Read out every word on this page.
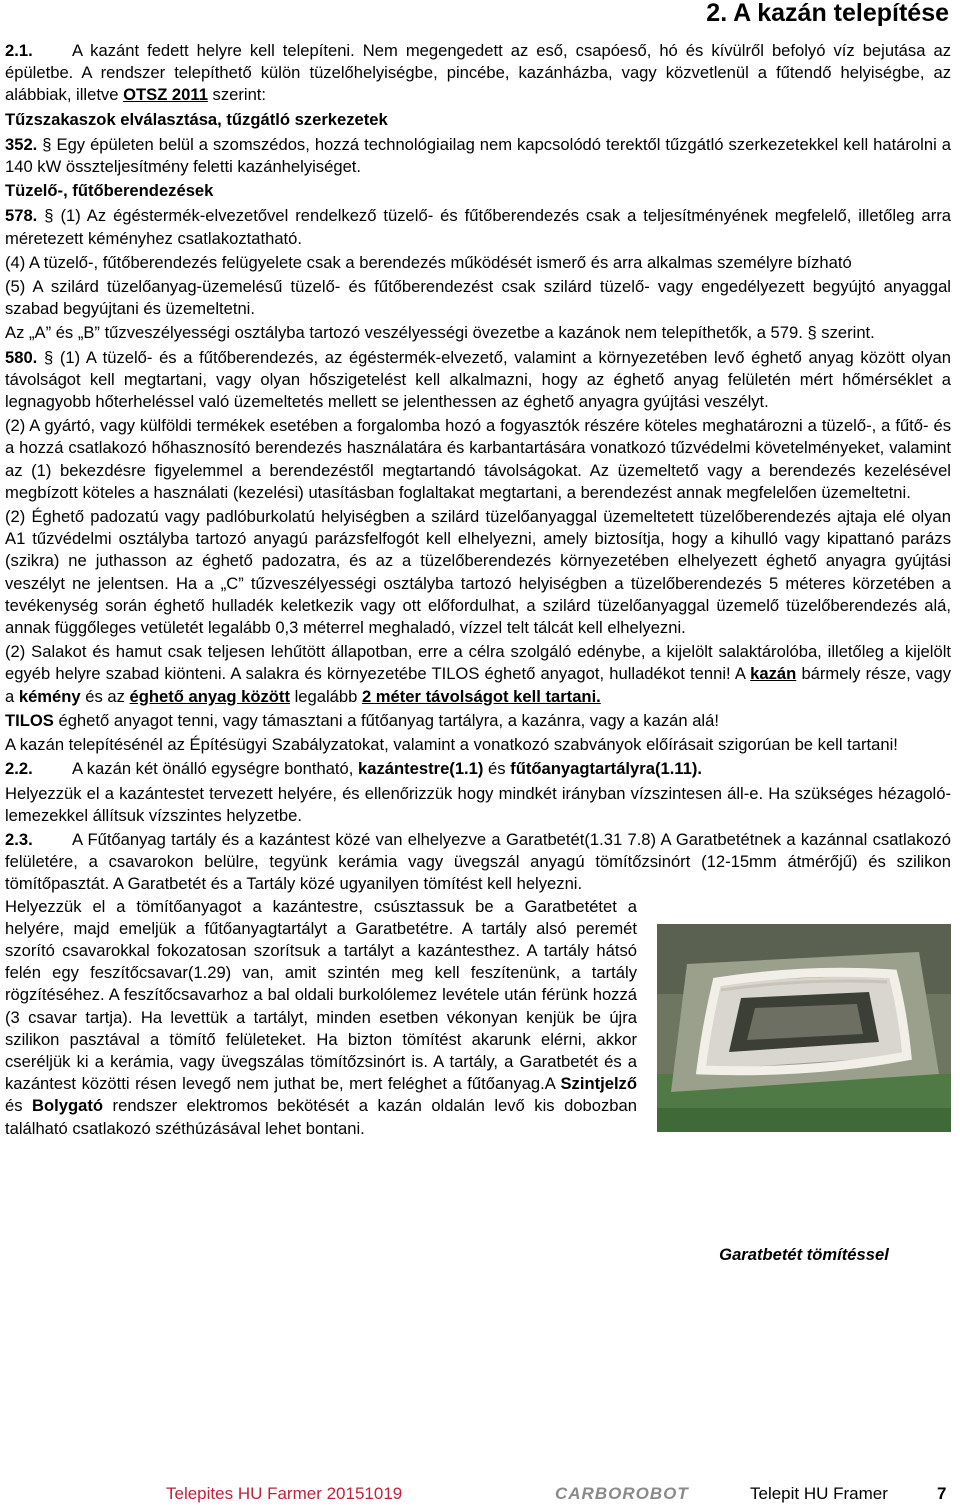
2. A kazán telepítése

2.1. A kazánt fedett helyre kell telepíteni. Nem megengedett az eső, csapóeső, hó és kívülről befolyó víz bejutása az épületbe. A rendszer telepíthető külön tüzelőhelyiségbe, pincébe, kazánházba, vagy közvetlenül a fűtendő helyiségbe, az alábbiak, illetve OTSZ 2011 szerint:

Tűzszakaszok elválasztása, tűzgátló szerkezetek

352. § Egy épületen belül a szomszédos, hozzá technológiailag nem kapcsolódó terektől tűzgátló szerkezetekkel kell határolni a 140 kW összteljesítmény feletti kazánhelyiséget.

Tüzelő-, fűtőberendezések

578. § (1) Az égéstermék-elvezetővel rendelkező tüzelő- és fűtőberendezés csak a teljesítményének megfelelő, illetőleg arra méretezett kéményhez csatlakoztatható.

(4) A tüzelő-, fűtőberendezés felügyelete csak a berendezés működését ismerő és arra alkalmas személyre bízható

(5) A szilárd tüzelőanyag-üzemelésű tüzelő- és fűtőberendezést csak szilárd tüzelő- vagy engedélyezett begyújtó anyaggal szabad begyújtani és üzemeltetni.

Az „A” és „B” tűzveszélyességi osztályba tartozó veszélyességi övezetbe a kazánok nem telepíthetők, a 579. § szerint.

580. § (1) A tüzelő- és a fűtőberendezés, az égéstermék-elvezető, valamint a környezetében levő éghető anyag között olyan távolságot kell megtartani, vagy olyan hőszigetelést kell alkalmazni, hogy az éghető anyag felületén mért hőmérséklet a legnagyobb hőterheléssel való üzemeltetés mellett se jelenthessen az éghető anyagra gyújtási veszélyt.

(2) A gyártó, vagy külföldi termékek esetében a forgalomba hozó a fogyasztók részére köteles meghatározni a tüzelő-, a fűtő- és a hozzá csatlakozó hőhasznosító berendezés használatára és karbantartására vonatkozó tűzvédelmi követelményeket, valamint az (1) bekezdésre figyelemmel a berendezéstől megtartandó távolságokat. Az üzemeltető vagy a berendezés kezelésével megbízott köteles a használati (kezelési) utasításban foglaltakat megtartani, a berendezést annak megfelelően üzemeltetni.

(2) Éghető padozatú vagy padlóburkolatú helyiségben a szilárd tüzelőanyaggal üzemeltetett tüzelőberendezés ajtaja elé olyan A1 tűzvédelmi osztályba tartozó anyagú parázsfelfogót kell elhelyezni, amely biztosítja, hogy a kihulló vagy kipattanó parázs (szikra) ne juthasson az éghető padozatra, és az a tüzelőberendezés környezetében elhelyezett éghető anyagra gyújtási veszélyt ne jelentsen. Ha a „C” tűzveszélyességi osztályba tartozó helyiségben a tüzelőberendezés 5 méteres körzetében a tevékenység során éghető hulladék keletkezik vagy ott előfordulhat, a szilárd tüzelőanyaggal üzemelő tüzelőberendezés alá, annak függőleges vetületét legalább 0,3 méterrel meghaladó, vízzel telt tálcát kell elhelyezni.

(2) Salakot és hamut csak teljesen lehűtött állapotban, erre a célra szolgáló edénybe, a kijelölt salaktárolóba, illetőleg a kijelölt egyéb helyre szabad kiönteni. A salakra és környezetébe TILOS éghető anyagot, hulladékot tenni! A kazán bármely része, vagy a kémény és az éghető anyag között legalább 2 méter távolságot kell tartani.

TILOS éghető anyagot tenni, vagy támasztani a fűtőanyag tartályra, a kazánra, vagy a kazán alá!

A kazán telepítésénél az Építésügyi Szabályzatokat, valamint a vonatkozó szabványok előírásait szigorúan be kell tartani!

2.2. A kazán két önálló egységre bontható, kazántestre(1.1) és fűtőanyagtartályra(1.11).

Helyezzük el a kazántestet tervezett helyére, és ellenőrizzük hogy mindkét irányban vízszintesen áll-e. Ha szükséges hézagoló-lemezekkel állítsuk vízszintes helyzetbe.

2.3. A Fűtőanyag tartály és a kazántest közé van elhelyezve a Garatbetét(1.31 7.8) A Garatbetétnek a kazánnal csatlakozó felületére, a csavarokon belülre, tegyünk kerámia vagy üvegszál anyagú tömítőzsinórt (12-15mm átmérőjű) és szilikon tömítőpasztát. A Garatbetét és a Tartály közé ugyanilyen tömítést kell helyezni.

Helyezzük el a tömítőanyagot a kazántestre, csúsztassuk be a Garatbetétet a helyére, majd emeljük a fűtőanyagtartályt a Garatbetétre. A tartály alsó peremét szorító csavarokkal fokozatosan szorítsuk a tartályt a kazántesthez. A tartály hátsó felén egy feszítőcsavar(1.29) van, amit szintén meg kell feszítenünk, a tartály rögzítéséhez. A feszítőcsavarhoz a bal oldali burkolólemez levétele után férünk hozzá (3 csavar tartja). Ha levettük a tartályt, minden esetben vékonyan kenjük be újra szilikon pasztával a tömítő felületeket. Ha bizton tömítést akarunk elérni, akkor cseréljük ki a kerámia, vagy üvegszálas tömítőzsinórt is. A tartály, a Garatbetét és a kazántest közötti résen levegő nem juthat be, mert feléghet a fűtőanyag.A Szintjelző és Bolygató rendszer elektromos bekötését a kazán oldalán levő kis dobozban található csatlakozó széthúzásával lehet bontani.

Garatbetét tömítéssel
Telepites HU Farmer 20151019	CARBOROBOT	Telepit HU Framer	7
